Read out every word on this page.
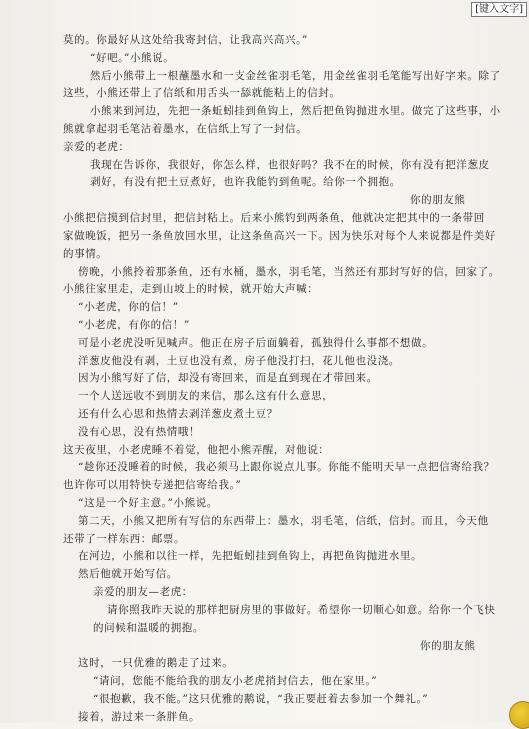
[键入文字]
莫的。你最好从这处给我寄封信，让我高兴高兴。”
“好吧。”小熊说。
然后小熊带上一根蘸墨水和一支金丝雀羽毛笔，用金丝雀羽毛笔能写出好字来。除了
这些，小熊还带上了信纸和用舌头一舔就能粘上的信封。
小熊来到河边，先把一条蚯蚓挂到鱼钩上，然后把鱼钩抛进水里。做完了这些事，小
熊就拿起羽毛笔沾着墨水，在信纸上写了一封信。
亲爱的老虎：
我现在告诉你，我很好，你怎么样，也很好吗？我不在的时候，你有没有把洋葱皮
剥好，有没有把土豆煮好，也许我能钓到鱼呢。给你一个拥抱。
你的朋友熊
小熊把信摸到信封里，把信封粘上。后来小熊钓到两条鱼，他就决定把其中的一条带回
家做晚饭，把另一条鱼放回水里，让这条鱼高兴一下。因为快乐对每个人来说都是件美好
的事情。
傍晚，小熊拎着那条鱼，还有水桶，墨水，羽毛笔，当然还有那封写好的信，回家了。
小熊往家里走，走到山坡上的时候，就开始大声喊：
“小老虎，你的信！”
“小老虎，有你的信！”
可是小老虎没听见喊声。他正在房子后面躺着，孤独得什么事都不想做。
洋葱皮他没有剥，土豆也没有煮，房子他没打扫，花儿他也没浇。
因为小熊写好了信，却没有寄回来，而是直到现在才带回来。
一个人送远收不到朋友的来信，那么这有什么意思，
还有什么心思和热情去剥洋葱皮煮土豆？
没有心思，没有热情哦！
这天夜里，小老虎睡不着觉，他把小熊弄醒，对他说：
“趁你还没睡着的时候，我必须马上跟你说点儿事。你能不能明天早一点把信寄给我？
也许你可以用特快专递把信寄给我。”
“这是一个好主意。”小熊说。
第二天，小熊又把所有写信的东西带上：墨水，羽毛笔，信纸，信封。而且，今天他
还带了一样东西：邮票。
在河边，小熊和以往一样，先把蚯蚓挂到鱼钩上，再把鱼钩抛进水里。
然后他就开始写信。
亲爱的朋友—老虎：
请你照我昨天说的那样把厨房里的事做好。希望你一切顺心如意。给你一个飞快
的问候和温暖的拥抱。
你的朋友熊
这时，一只优雅的鹅走了过来。
“请问，您能不能给我的朋友小老虎捎封信去，他在家里。”
“很抱歉，我不能。”这只优雅的鹅说，“我正要赶着去参加一个舞礼。”
接着，游过来一条胖鱼。
